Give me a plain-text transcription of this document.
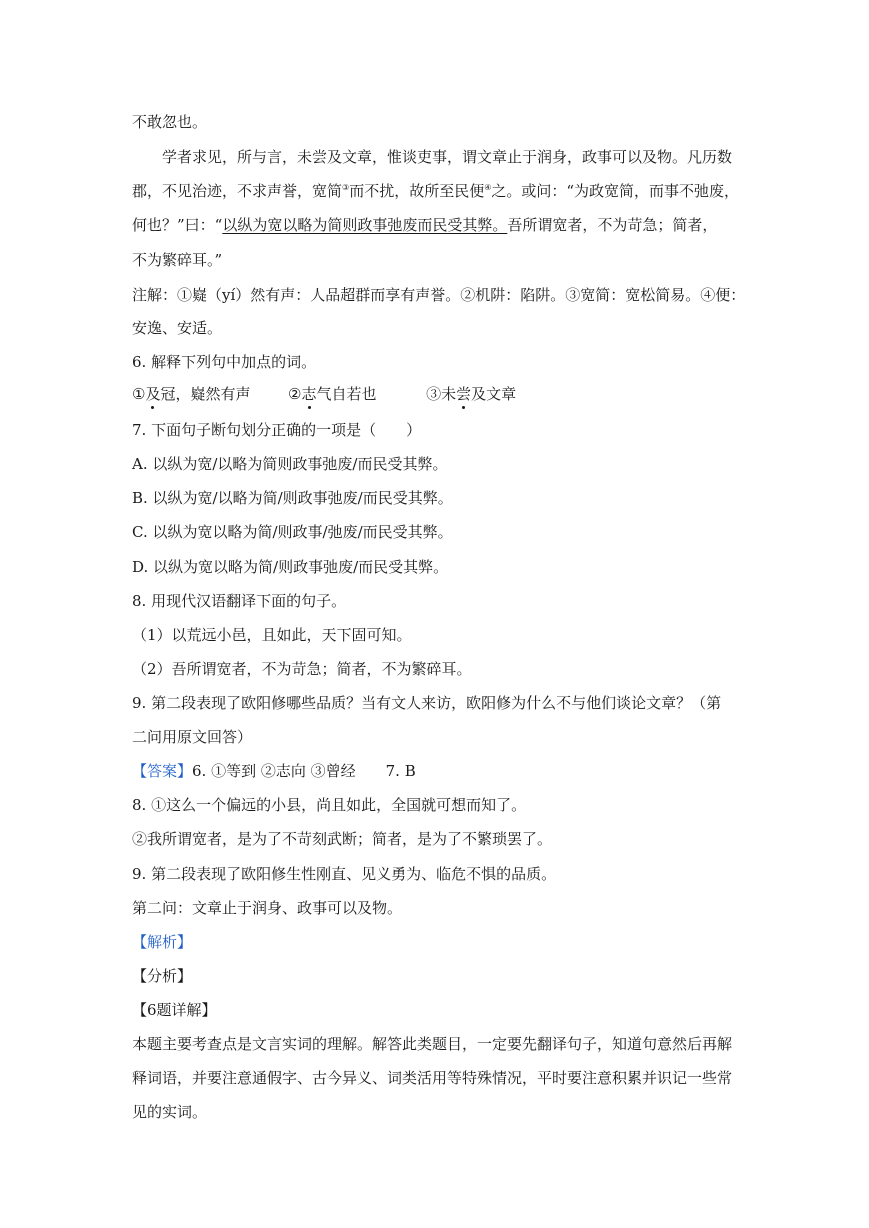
不敢忽也。
学者求见，所与言，未尝及文章，惟谈吏事，谓文章止于润身，政事可以及物。凡历数
郡，不见治迹，不求声誉，宽简③而不扰，故所至民便④之。或问：“为政宽简，而事不弛废，
何也？”曰：“以纵为宽以略为简则政事弛废而民受其弊。吾所谓宽者，不为苛急；简者，
不为繁碎耳。”
注解：①嶷（yí）然有声：人品超群而享有声誉。②机阱：陷阱。③宽简：宽松简易。④便：
安逸、安适。
6. 解释下列句中加点的词。
①及冠，嶷然有声	②志气自若也	③未尝及文章
7. 下面句子断句划分正确的一项是（　　）
A. 以纵为宽/以略为简则政事弛废/而民受其弊。
B. 以纵为宽/以略为简/则政事弛废/而民受其弊。
C. 以纵为宽以略为简/则政事/弛废/而民受其弊。
D. 以纵为宽以略为简/则政事弛废/而民受其弊。
8. 用现代汉语翻译下面的句子。
（1）以荒远小邑，且如此，天下固可知。
（2）吾所谓宽者，不为苛急；简者，不为繁碎耳。
9. 第二段表现了欧阳修哪些品质？当有文人来访，欧阳修为什么不与他们谈论文章？（第
二问用原文回答）
【答案】6. ①等到 ②志向 ③曾经　　7. B
8. ①这么一个偏远的小县，尚且如此，全国就可想而知了。
②我所谓宽者，是为了不苛刻武断；简者，是为了不繁琐罢了。
9. 第二段表现了欧阳修生性刚直、见义勇为、临危不惧的品质。
第二问：文章止于润身、政事可以及物。
【解析】
【分析】
【6题详解】
本题主要考查点是文言实词的理解。解答此类题目，一定要先翻译句子，知道句意然后再解
释词语，并要注意通假字、古今异义、词类活用等特殊情况，平时要注意积累并识记一些常
见的实词。
